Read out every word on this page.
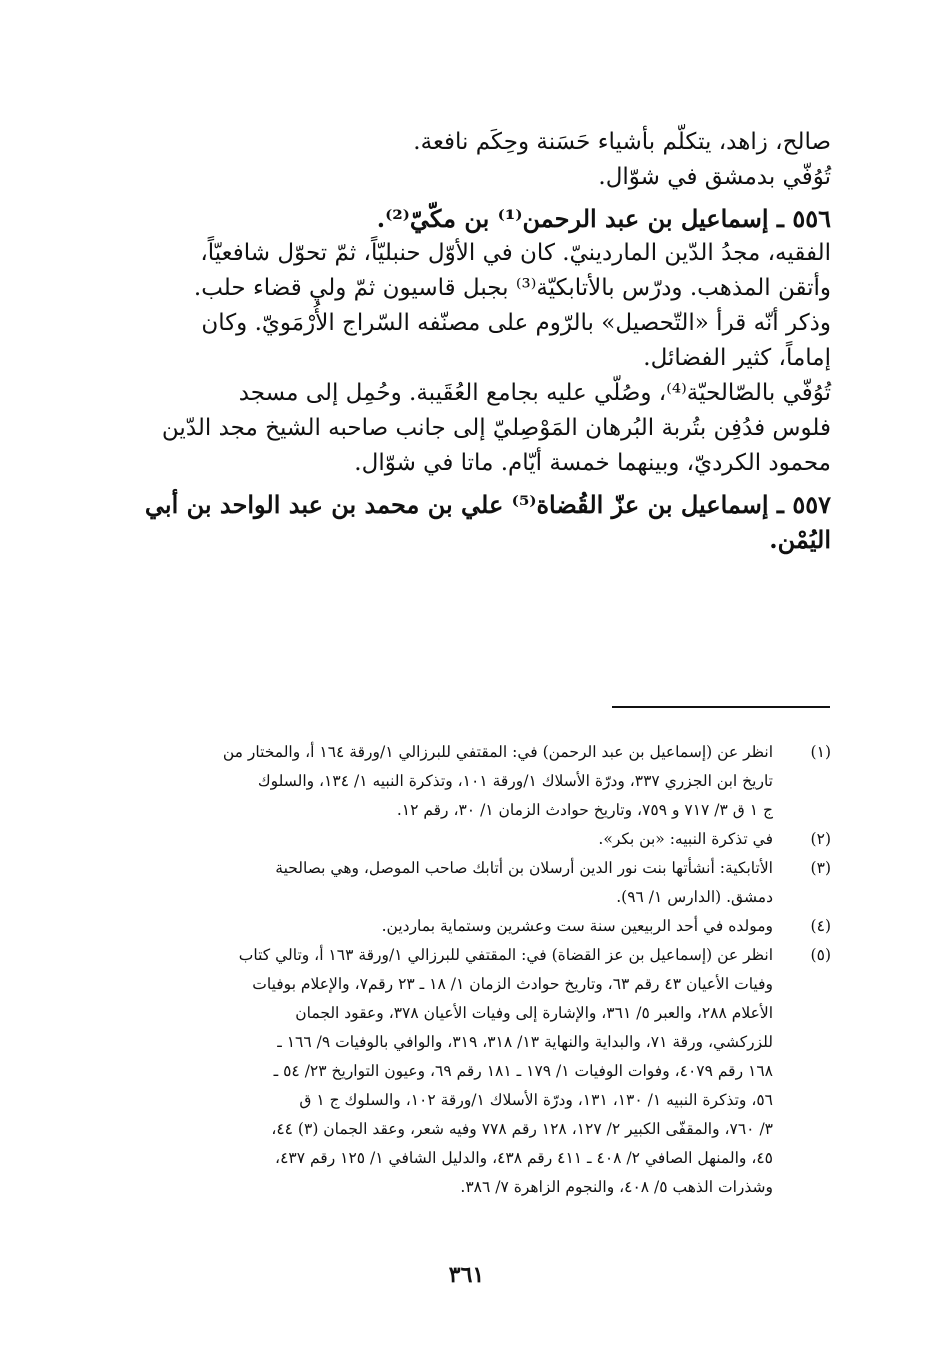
صالح، زاهد، يتكلّم بأشياء حَسَنة وحِكَم نافعة.

تُوُفّي بدمشق في شوّال.

٥٥٦ ـ إسماعيل بن عبد الرحمن⁽¹⁾ بن مكّيّ⁽²⁾.

الفقيه، مجدُ الدّين الماردينيّ. كان في الأوّل حنبليّاً، ثمّ تحوّل شافعيّاً،

وأتقن المذهب. ودرّس بالأتابكيّة⁽³⁾ بجبل قاسيون ثمّ ولي قضاء حلب.

وذكر أنّه قرأ «التّحصيل» بالرّوم على مصنّفه السّراج الأُرْمَويّ. وكان

إماماً، كثير الفضائل.

تُوُفّي بالصّالحيّة⁽⁴⁾، وصُلّي عليه بجامع العُقَيبة. وحُمِل إلى مسجد

فلوس فدُفِن بتُربة البُرهان المَوْصِليّ إلى جانب صاحبه الشيخ مجد الدّين

محمود الكرديّ، وبينهما خمسة أيّام. ماتا في شوّال.

٥٥٧ ـ إسماعيل بن عزّ القُضاة⁽⁵⁾ علي بن محمد بن عبد الواحد بن أبي

اليُمْن.

(١)
انظر عن (إسماعيل بن عبد الرحمن) في: المقتفي للبرزالي ١/ورقة ١٦٤ أ، والمختار من
تاريخ ابن الجزري ٣٣٧، ودرّة الأسلاك ١/ورقة ١٠١، وتذكرة النبيه ١/ ١٣٤، والسلوك
ج ١ ق ٣/ ٧١٧ و ٧٥٩، وتاريخ حوادث الزمان ١/ ٣٠، رقم ١٢.
(٢)
في تذكرة النبيه: «بن بكر».
(٣)
الأتابكية: أنشأتها بنت نور الدين أرسلان بن أتابك صاحب الموصل، وهي بصالحية
دمشق. (الدارس ١/ ٩٦).
(٤)
ومولده في أحد الربيعين سنة ست وعشرين وستماية بماردين.
(٥)
انظر عن (إسماعيل بن عز القضاة) في: المقتفي للبرزالي ١/ورقة ١٦٣ أ، وتالي كتاب
وفيات الأعيان ٤٣ رقم ٦٣، وتاريخ حوادث الزمان ١/ ١٨ ـ ٢٣ رقم٧، والإعلام بوفيات
الأعلام ٢٨٨، والعبر ٥/ ٣٦١، والإشارة إلى وفيات الأعيان ٣٧٨، وعقود الجمان
للزركشي، ورقة ٧١، والبداية والنهاية ١٣/ ٣١٨، ٣١٩، والوافي بالوفيات ٩/ ١٦٦ ـ
١٦٨ رقم ٤٠٧٩، وفوات الوفيات ١/ ١٧٩ ـ ١٨١ رقم ٦٩، وعيون التواريخ ٢٣/ ٥٤ ـ
٥٦، وتذكرة النبيه ١/ ١٣٠، ١٣١، ودرّة الأسلاك ١/ورقة ١٠٢، والسلوك ج ١ ق
٣/ ٧٦٠، والمقفّى الكبير ٢/ ١٢٧، ١٢٨ رقم ٧٧٨ وفيه شعر، وعقد الجمان (٣) ٤٤،
٤٥، والمنهل الصافي ٢/ ٤٠٨ ـ ٤١١ رقم ٤٣٨، والدليل الشافي ١/ ١٢٥ رقم ٤٣٧،
وشذرات الذهب ٥/ ٤٠٨، والنجوم الزاهرة ٧/ ٣٨٦.
٣٦١
